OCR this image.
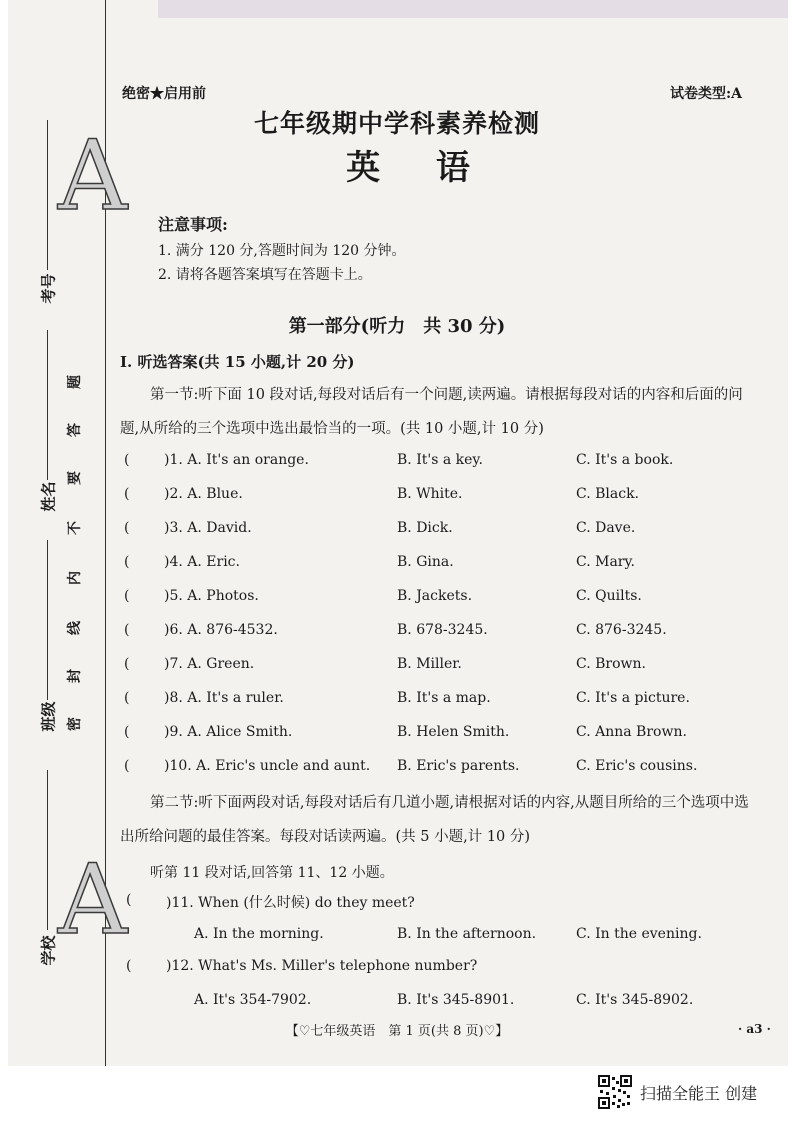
A
A
考号
姓名
班级
学校
题
答
要
不
内
线
封
密
绝密★启用前	试卷类型:A
七年级期中学科素养检测
英 语
注意事项:
1. 满分 120 分,答题时间为 120 分钟。
2. 请将各题答案填写在答题卡上。
第一部分(听力　共 30 分)
Ⅰ. 听选答案(共 15 小题,计 20 分)
第一节:听下面 10 段对话,每段对话后有一个问题,读两遍。请根据每段对话的内容和后面的问题,从所给的三个选项中选出最恰当的一项。(共 10 小题,计 10 分)
( )1. A. It's an orange.	B. It's a key.	C. It's a book.
( )2. A. Blue.	B. White.	C. Black.
( )3. A. David.	B. Dick.	C. Dave.
( )4. A. Eric.	B. Gina.	C. Mary.
( )5. A. Photos.	B. Jackets.	C. Quilts.
( )6. A. 876-4532.	B. 678-3245.	C. 876-3245.
( )7. A. Green.	B. Miller.	C. Brown.
( )8. A. It's a ruler.	B. It's a map.	C. It's a picture.
( )9. A. Alice Smith.	B. Helen Smith.	C. Anna Brown.
( )10. A. Eric's uncle and aunt. B. Eric's parents.	C. Eric's cousins.
第二节:听下面两段对话,每段对话后有几道小题,请根据对话的内容,从题目所给的三个选项中选出所给问题的最佳答案。每段对话读两遍。(共 5 小题,计 10 分)
听第 11 段对话,回答第 11、12 小题。
( )11. When (什么时候) do they meet?
A. In the morning.	B. In the afternoon.	C. In the evening.
( )12. What's Ms. Miller's telephone number?
A. It's 354-7902.	B. It's 345-8901.	C. It's 345-8902.
【♡七年级英语　第 1 页(共 8 页)♡】	· a3 ·
扫描全能王 创建
